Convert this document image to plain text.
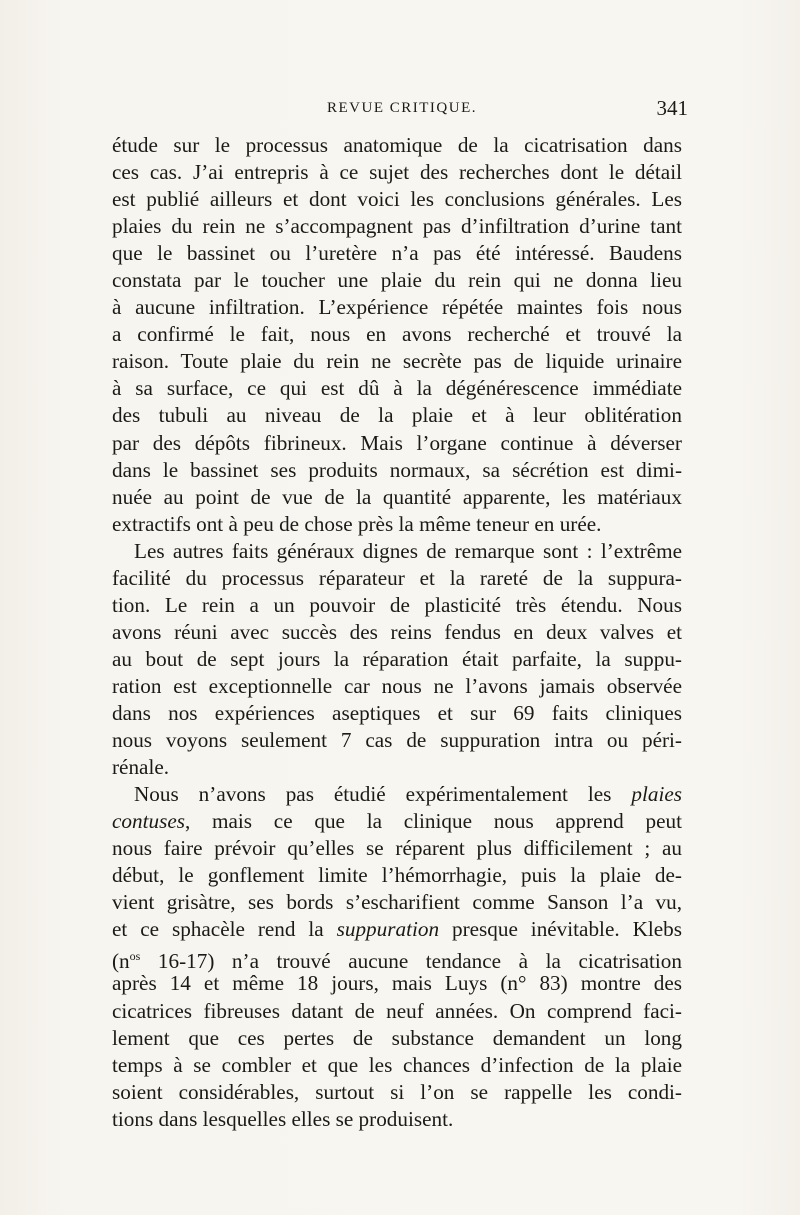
REVUE CRITIQUE.	341
étude sur le processus anatomique de la cicatrisation dans
ces cas. J’ai entrepris à ce sujet des recherches dont le détail
est publié ailleurs et dont voici les conclusions générales. Les
plaies du rein ne s’accompagnent pas d’infiltration d’urine tant
que le bassinet ou l’uretère n’a pas été intéressé. Baudens
constata par le toucher une plaie du rein qui ne donna lieu
à aucune infiltration. L’expérience répétée maintes fois nous
a confirmé le fait, nous en avons recherché et trouvé la
raison. Toute plaie du rein ne secrète pas de liquide urinaire
à sa surface, ce qui est dû à la dégénérescence immédiate
des tubuli au niveau de la plaie et à leur oblitération
par des dépôts fibrineux. Mais l’organe continue à déverser
dans le bassinet ses produits normaux, sa sécrétion est dimi-
nuée au point de vue de la quantité apparente, les matériaux
extractifs ont à peu de chose près la même teneur en urée.
Les autres faits généraux dignes de remarque sont : l’extrême
facilité du processus réparateur et la rareté de la suppura-
tion. Le rein a un pouvoir de plasticité très étendu. Nous
avons réuni avec succès des reins fendus en deux valves et
au bout de sept jours la réparation était parfaite, la suppu-
ration est exceptionnelle car nous ne l’avons jamais observée
dans nos expériences aseptiques et sur 69 faits cliniques
nous voyons seulement 7 cas de suppuration intra ou péri-
rénale.
Nous n’avons pas étudié expérimentalement les plaies
contuses, mais ce que la clinique nous apprend peut
nous faire prévoir qu’elles se réparent plus difficilement ; au
début, le gonflement limite l’hémorrhagie, puis la plaie de-
vient grisàtre, ses bords s’escharifient comme Sanson l’a vu,
et ce sphacèle rend la suppuration presque inévitable. Klebs
($n^{os}$ 16-17) n’a trouvé aucune tendance à la cicatrisation
après 14 et même 18 jours, mais Luys (n° 83) montre des
cicatrices fibreuses datant de neuf années. On comprend faci-
lement que ces pertes de substance demandent un long
temps à se combler et que les chances d’infection de la plaie
soient considérables, surtout si l’on se rappelle les condi-
tions dans lesquelles elles se produisent.
